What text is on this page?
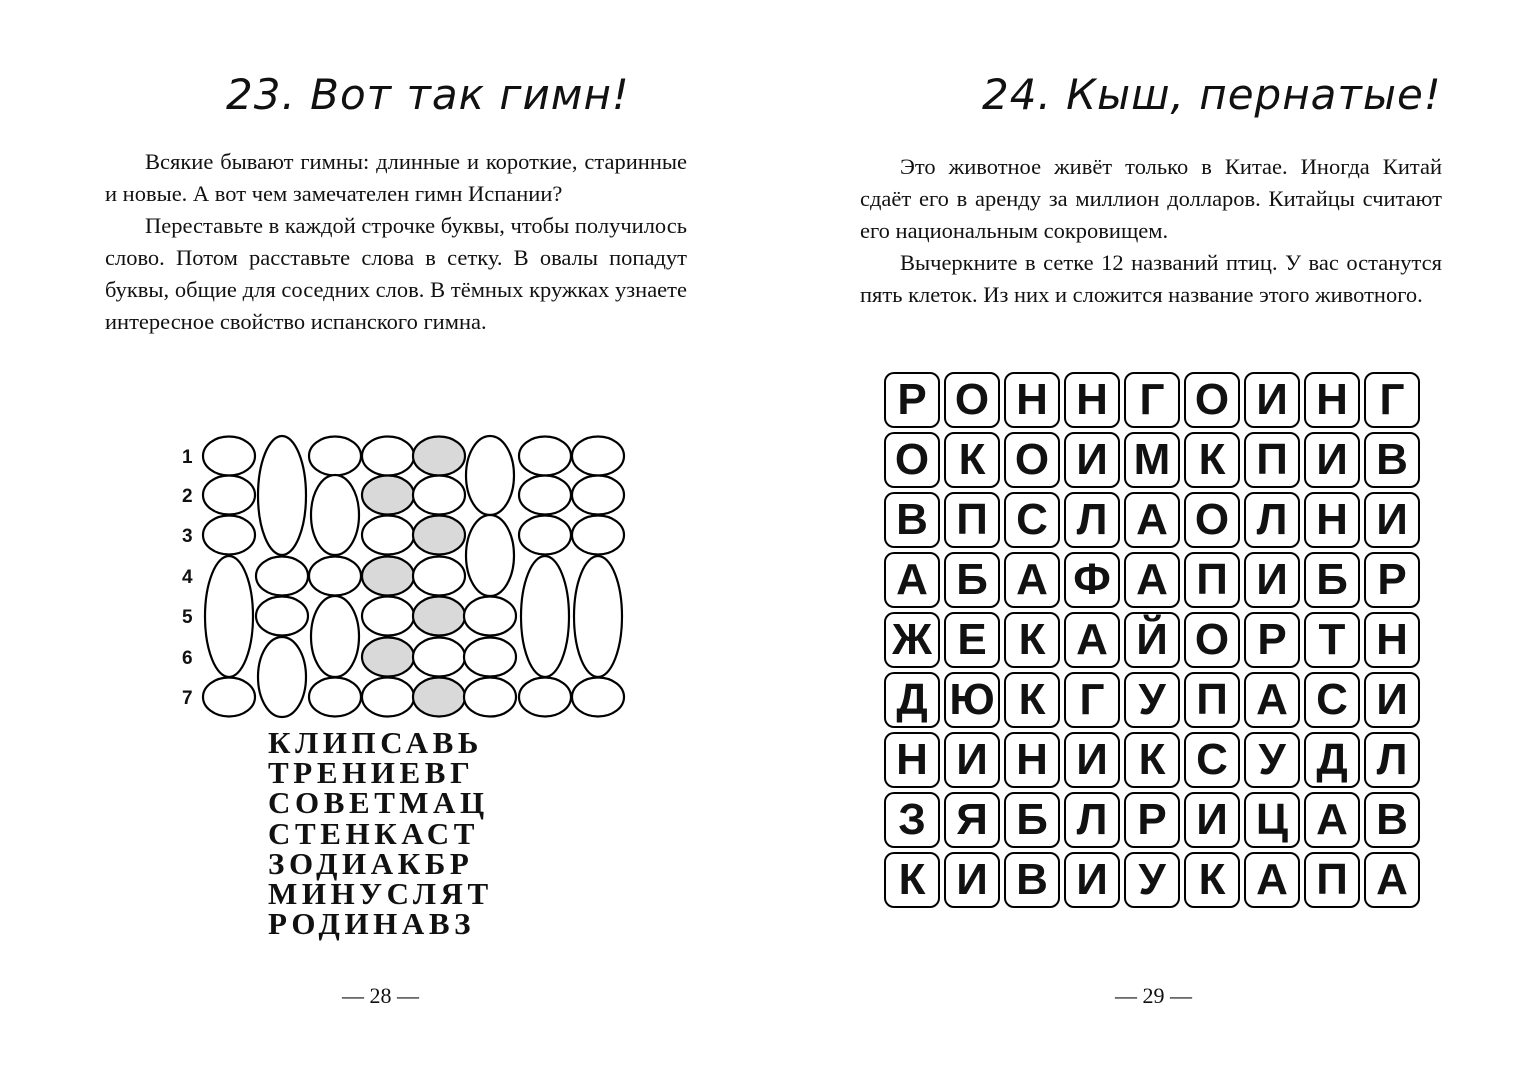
23. Вот так гимн!

Всякие бывают гимны: длинные и короткие, старинные и новые. А вот чем замечателен гимн Испании?

Переставьте в каждой строчке буквы, чтобы получилось слово. Потом расставьте слова в сетку. В овалы попадут буквы, общие для соседних слов. В тёмных кружках узнаете интересное свойство испанского гимна.

1
2
3
4
5
6
7
КЛИПСАВЬ
ТРЕНИЕВГ
СОВЕТМАЦ
СТЕНКАСТ
ЗОДИАКБР
МИНУСЛЯТ
РОДИНАВЗ
— 28 —
24. Кыш, пернатые!

Это животное живёт только в Китае. Иногда Китай сдаёт его в аренду за миллион долларов. Китайцы считают его национальным сокровищем.

Вычеркните в сетке 12 названий птиц. У вас останутся пять клеток. Из них и сложится название этого животного.

— 29 —
Р О Н Н Г О И Н Г
О К О И М К П И В
В П С Л А О Л Н И
А Б А Ф А П И Б Р
Ж Е К А Й О Р Т Н
Д Ю К Г У П А С И
Н И Н И К С У Д Л
З Я Б Л Р И Ц А В
К И В И У К А П А
